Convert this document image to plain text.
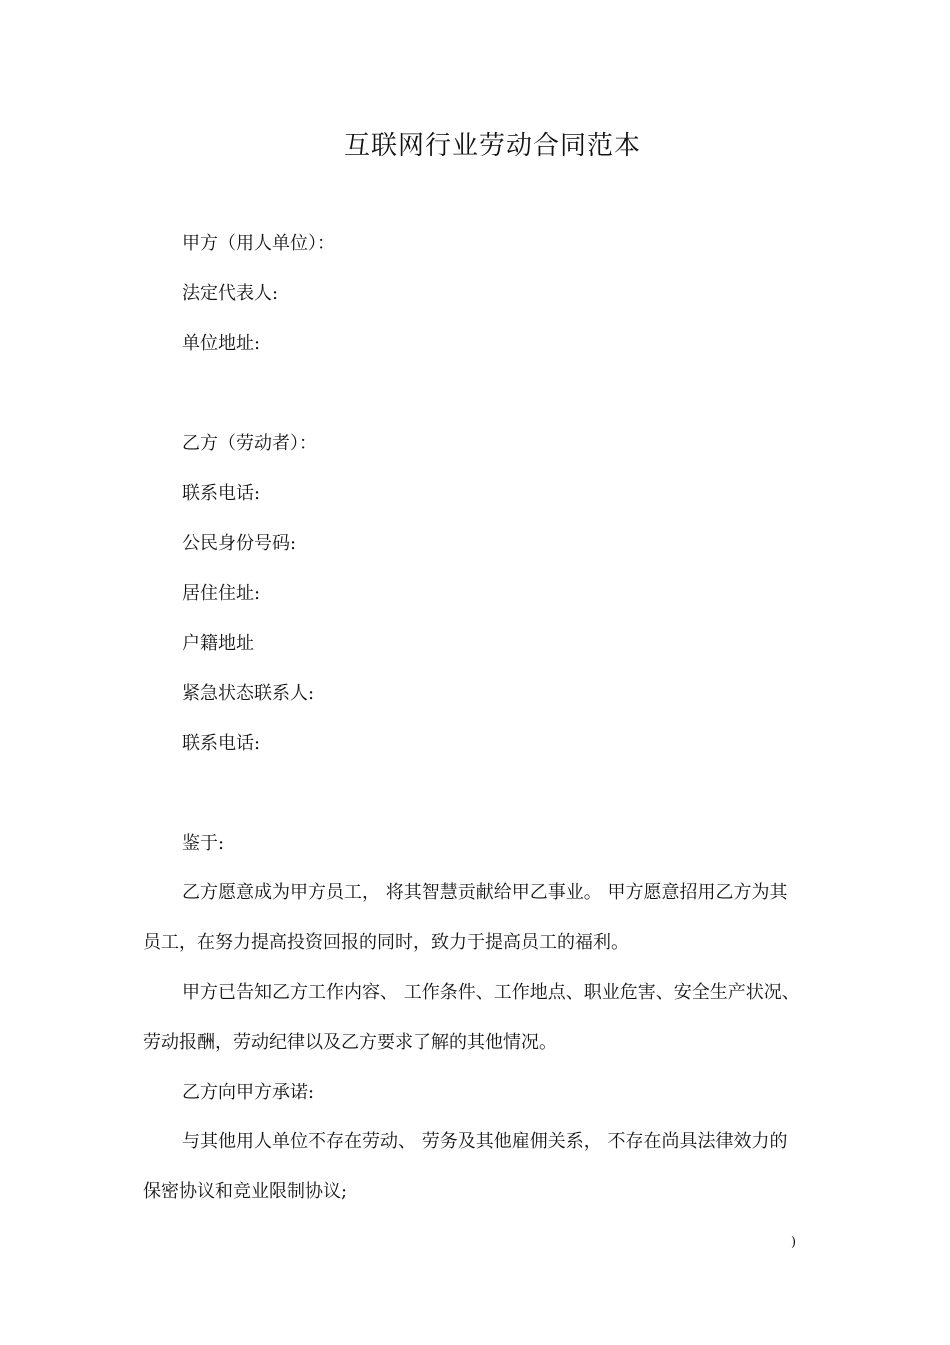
互联网行业劳动合同范本
甲方（用人单位）：
法定代表人:
单位地址:
乙方（劳动者）：
联系电话:
公民身份号码:
居住住址:
户籍地址
紧急状态联系人:
联系电话:
鉴于:
乙方愿意成为甲方员工， 将其智慧贡献给甲乙事业。 甲方愿意招用乙方为其
员工，在努力提高投资回报的同时，致力于提高员工的福利。
甲方已告知乙方工作内容、 工作条件、工作地点、职业危害、安全生产状况、
劳动报酬，劳动纪律以及乙方要求了解的其他情况。
乙方向甲方承诺:
与其他用人单位不存在劳动、 劳务及其他雇佣关系， 不存在尚具法律效力的
保密协议和竞业限制协议;
)
